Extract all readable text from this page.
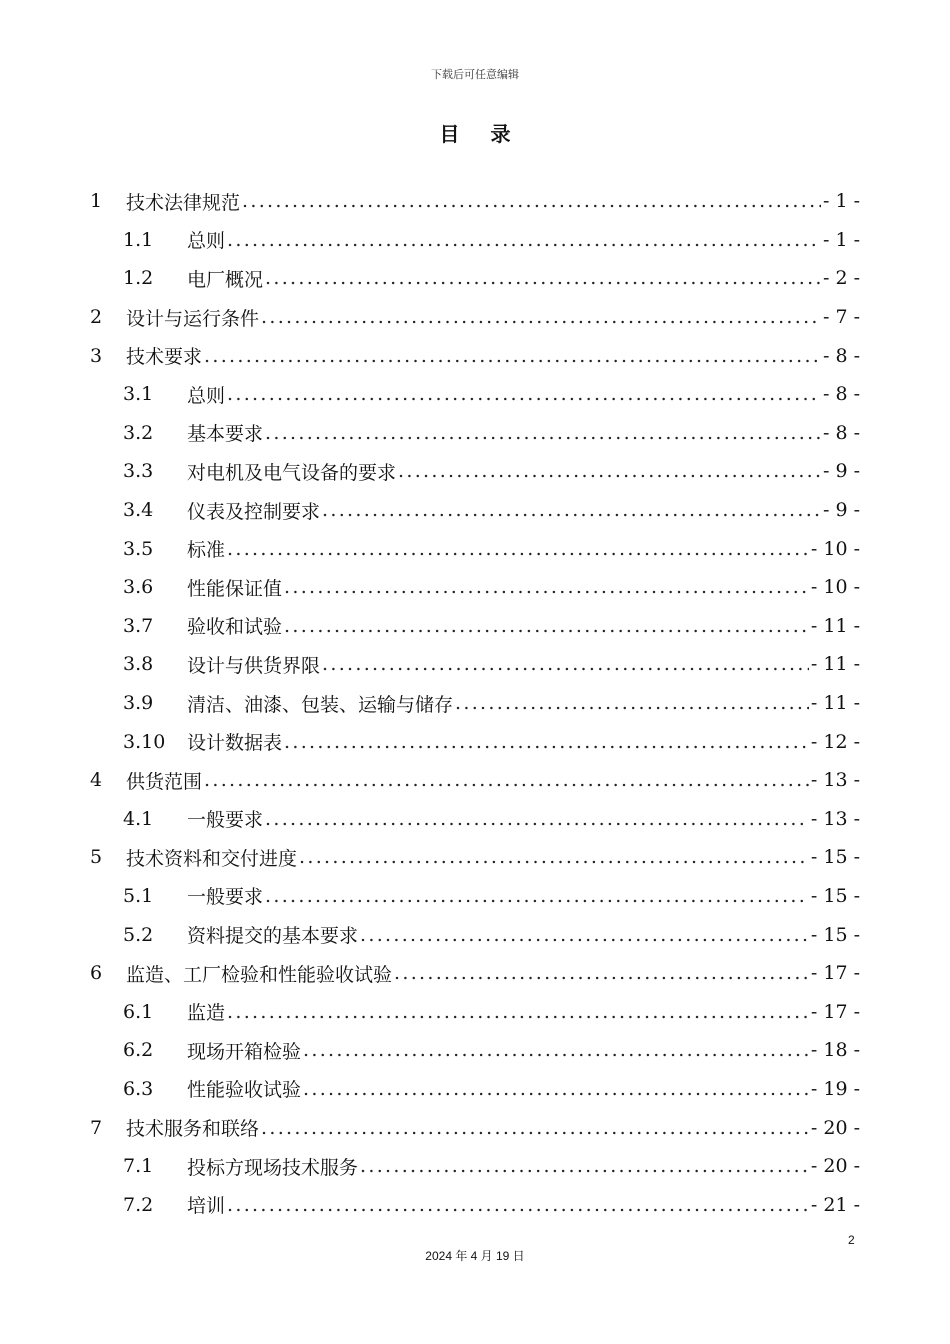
下载后可任意编辑
目 录
1	技术法律规范 .....	- 1 -
1.1	总则 .....	- 1 -
1.2	电厂概况 .....	- 2 -
2	设计与运行条件 .....	- 7 -
3	技术要求 .....	- 8 -
3.1	总则 .....	- 8 -
3.2	基本要求 .....	- 8 -
3.3	对电机及电气设备的要求 .....	- 9 -
3.4	仪表及控制要求 .....	- 9 -
3.5	标准 .....	- 10 -
3.6	性能保证值 .....	- 10 -
3.7	验收和试验 .....	- 11 -
3.8	设计与供货界限 .....	- 11 -
3.9	清洁、油漆、包装、运输与储存 .....	- 11 -
3.10	设计数据表 .....	- 12 -
4	供货范围 .....	- 13 -
4.1	一般要求 .....	- 13 -
5	技术资料和交付进度 .....	- 15 -
5.1	一般要求 .....	- 15 -
5.2	资料提交的基本要求 .....	- 15 -
6	监造、工厂检验和性能验收试验 .....	- 17 -
6.1	监造 .....	- 17 -
6.2	现场开箱检验 .....	- 18 -
6.3	性能验收试验 .....	- 19 -
7	技术服务和联络 .....	- 20 -
7.1	投标方现场技术服务 .....	- 20 -
7.2	培训 .....	- 21 -
2
2024 年 4 月 19 日
